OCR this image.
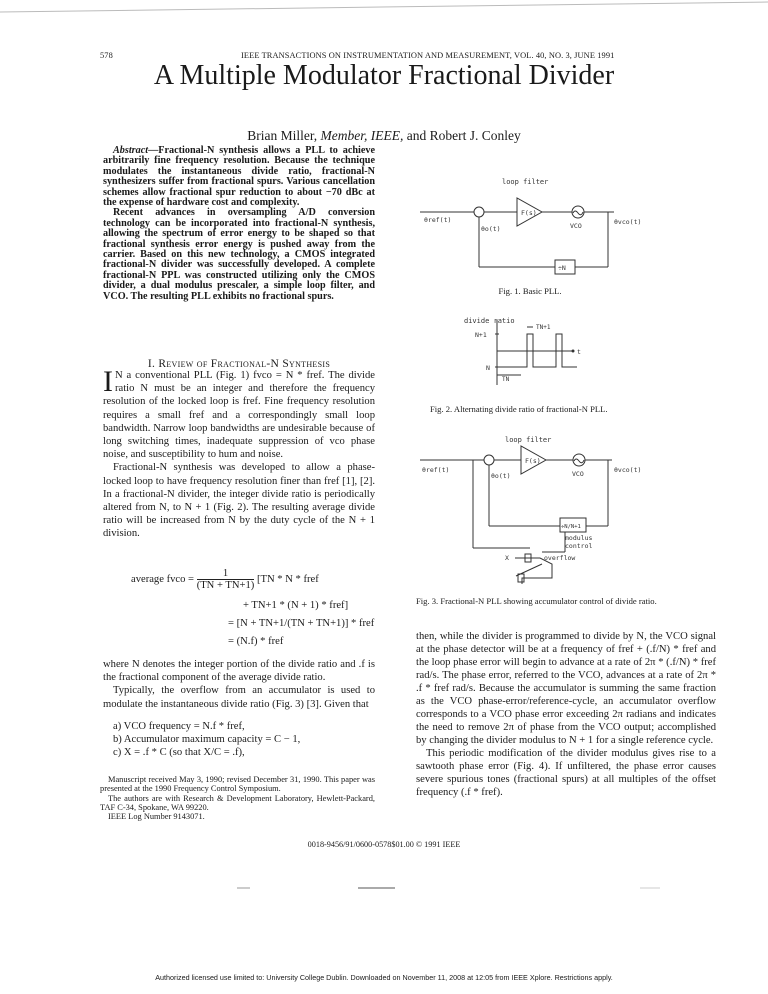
578	IEEE TRANSACTIONS ON INSTRUMENTATION AND MEASUREMENT, VOL. 40, NO. 3, JUNE 1991
A Multiple Modulator Fractional Divider
Brian Miller, Member, IEEE, and Robert J. Conley

Abstract—Fractional-N synthesis allows a PLL to achieve arbitrarily fine frequency resolution. Because the technique modulates the instantaneous divide ratio, fractional-N synthesizers suffer from fractional spurs. Various cancellation schemes allow fractional spur reduction to about −70 dBc at the expense of hardware cost and complexity.

Recent advances in oversampling A/D conversion technology can be incorporated into fractional-N synthesis, allowing the spectrum of error energy to be shaped so that fractional synthesis error energy is pushed away from the carrier. Based on this new technology, a CMOS integrated fractional-N divider was successfully developed. A complete fractional-N PPL was constructed utilizing only the CMOS divider, a dual modulus prescaler, a simple loop filter, and VCO. The resulting PLL exhibits no fractional spurs.

I. Review of Fractional-N Synthesis

I N a conventional PLL (Fig. 1) fvco = N * fref. The divide ratio N must be an integer and therefore the frequency resolution of the locked loop is fref. Fine frequency resolution requires a small fref and a correspondingly small loop bandwidth. Narrow loop bandwidths are undesirable because of long switching times, inadequate suppression of vco phase noise, and susceptibility to hum and noise.

Fractional-N synthesis was developed to allow a phase-locked loop to have frequency resolution finer than fref [1], [2]. In a fractional-N divider, the integer divide ratio is periodically altered from N, to N + 1 (Fig. 2). The resulting average divide ratio will be increased from N by the duty cycle of the N + 1 division.

average fvco = $\frac{1}{(TN + TN+1)} [TN$ * N * fref
+ TN+1 * (N + 1) * fref]
= [N + TN+1/(TN + TN+1)] * fref
= (N.f) * fref

where N denotes the integer portion of the divide ratio and .f is the fractional component of the average divide ratio.

Typically, the overflow from an accumulator is used to modulate the instantaneous divide ratio (Fig. 3) [3]. Given that

a) VCO frequency = N.f * fref,
b) Accumulator maximum capacity = C − 1,
c) X = .f * C (so that X/C = .f),

Manuscript received May 3, 1990; revised December 31, 1990. This paper was presented at the 1990 Frequency Control Symposium.

The authors are with Research & Development Laboratory, Hewlett-Packard, TAF C-34, Spokane, WA 99220.

IEEE Log Number 9143071.

loop filter
F(s)
VCO
θref(t)
θo(t)
θvco(t)
÷N
Fig. 1. Basic PLL.
divide ratio
N+1
N
TN+1
TN
t
Fig. 2. Alternating divide ratio of fractional-N PLL.
loop filter
F(s)
VCO
θref(t)
θo(t)
θvco(t)
÷N/N+1
modulus
control
X	overflow
Fig. 3. Fractional-N PLL showing accumulator control of divide ratio.

then, while the divider is programmed to divide by N, the VCO signal at the phase detector will be at a frequency of fref + (.f/N) * fref and the loop phase error will begin to advance at a rate of 2π * (.f/N) * fref rad/s. The phase error, referred to the VCO, advances at a rate of 2π * .f * fref rad/s. Because the accumulator is summing the same fraction as the VCO phase-error/reference-cycle, an accumulator overflow corresponds to a VCO phase error exceeding 2π radians and indicates the need to remove 2π of phase from the VCO output; accomplished by changing the divider modulus to N + 1 for a single reference cycle.

This periodic modification of the divider modulus gives rise to a sawtooth phase error (Fig. 4). If unfiltered, the phase error causes severe spurious tones (fractional spurs) at all multiples of the offset frequency (.f * fref).

0018-9456/91/0600-0578$01.00 © 1991 IEEE
Authorized licensed use limited to: University College Dublin. Downloaded on November 11, 2008 at 12:05 from IEEE Xplore. Restrictions apply.
